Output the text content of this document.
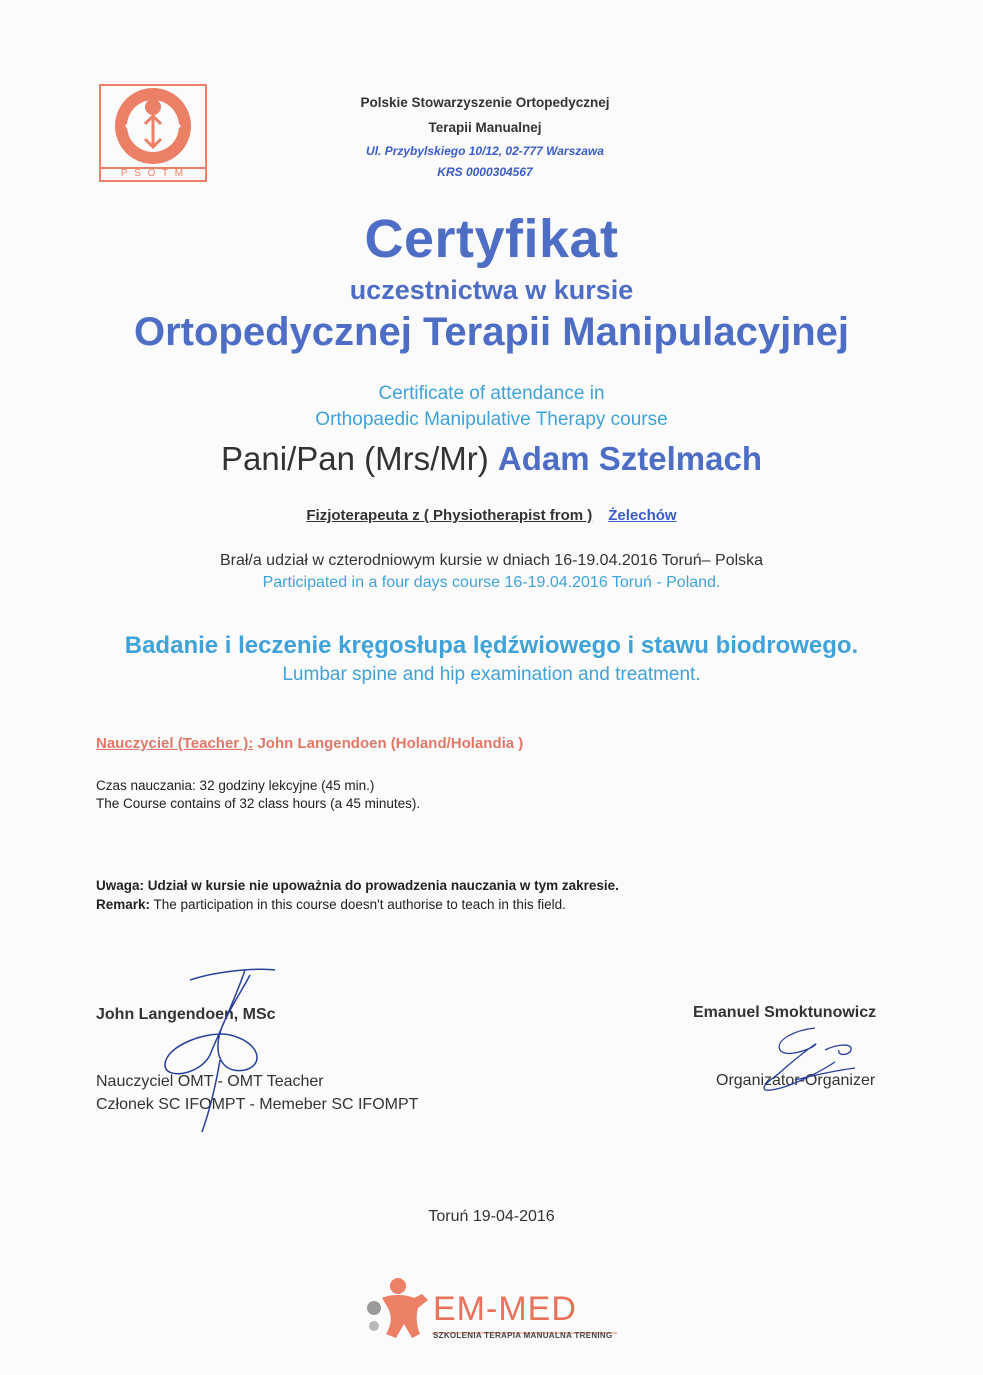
P S O T M
Polskie Stowarzyszenie Ortopedycznej
Terapii Manualnej
Ul. Przybylskiego 10/12, 02-777 Warszawa
KRS 0000304567
Certyfikat
uczestnictwa w kursie
Ortopedycznej Terapii Manipulacyjnej
Certificate of attendance in
Orthopaedic Manipulative Therapy course
Pani/Pan (Mrs/Mr) Adam Sztelmach
Fizjoterapeuta z ( Physiotherapist from ) Żelechów
Brał/a udział w czterodniowym kursie w dniach 16-19.04.2016 Toruń– Polska
Participated in a four days course 16-19.04.2016 Toruń - Poland.
Badanie i leczenie kręgosłupa lędźwiowego i stawu biodrowego.
Lumbar spine and hip examination and treatment.
Nauczyciel (Teacher ): John Langendoen (Holand/Holandia )
Czas nauczania: 32 godziny lekcyjne (45 min.)
The Course contains of 32 class hours (a 45 minutes).
Uwaga: Udział w kursie nie upoważnia do prowadzenia nauczania w tym zakresie.
Remark: The participation in this course doesn't authorise to teach in this field.
John Langendoen, MSc
Nauczyciel OMT - OMT Teacher
Członek SC IFOMPT - Memeber SC IFOMPT
Emanuel Smoktunowicz
Organizator-Organizer
Toruń 19-04-2016
EM-MED
SZKOLENIA TERAPIA MANUALNA TRENING
